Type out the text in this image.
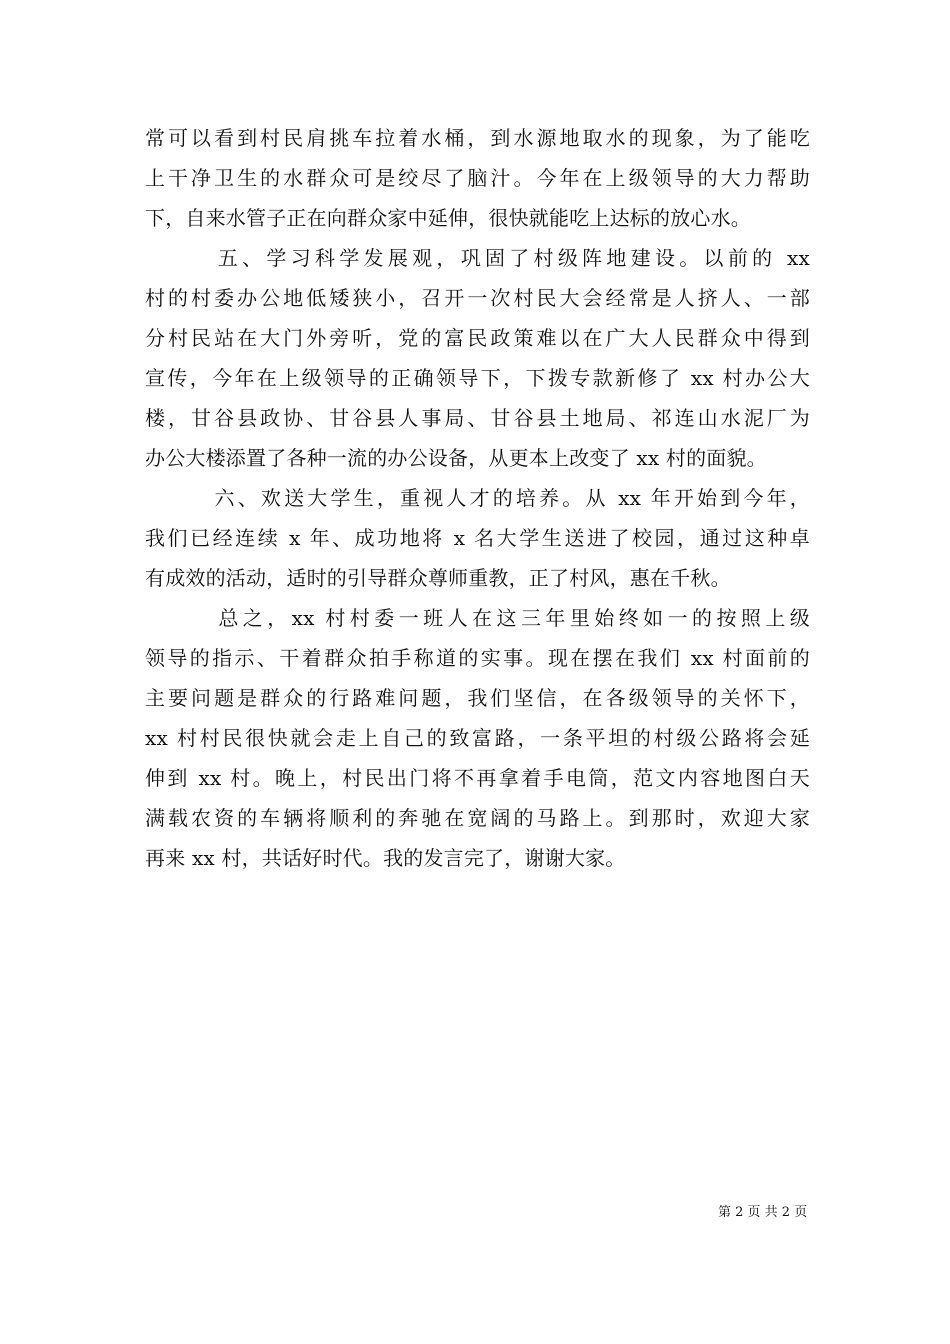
常可以看到村民肩挑车拉着水桶，到水源地取水的现象，为了能吃
上干净卫生的水群众可是绞尽了脑汁。今年在上级领导的大力帮助
下，自来水管子正在向群众家中延伸，很快就能吃上达标的放心水。
　　　五、学习科学发展观，巩固了村级阵地建设。以前的 xx
村的村委办公地低矮狭小，召开一次村民大会经常是人挤人、一部
分村民站在大门外旁听，党的富民政策难以在广大人民群众中得到
宣传，今年在上级领导的正确领导下，下拨专款新修了 xx 村办公大
楼，甘谷县政协、甘谷县人事局、甘谷县土地局、祁连山水泥厂为
办公大楼添置了各种一流的办公设备，从更本上改变了 xx 村的面貌。
　　　六、欢送大学生，重视人才的培养。从 xx 年开始到今年，
我们已经连续 x 年、成功地将 x 名大学生送进了校园，通过这种卓
有成效的活动，适时的引导群众尊师重教，正了村风，惠在千秋。
　　　总之，xx 村村委一班人在这三年里始终如一的按照上级
领导的指示、干着群众拍手称道的实事。现在摆在我们 xx 村面前的
主要问题是群众的行路难问题，我们坚信，在各级领导的关怀下，
xx 村村民很快就会走上自己的致富路，一条平坦的村级公路将会延
伸到 xx 村。晚上，村民出门将不再拿着手电筒，范文内容地图白天
满载农资的车辆将顺利的奔驰在宽阔的马路上。到那时，欢迎大家
再来 xx 村，共话好时代。我的发言完了，谢谢大家。
第 2 页 共 2 页
